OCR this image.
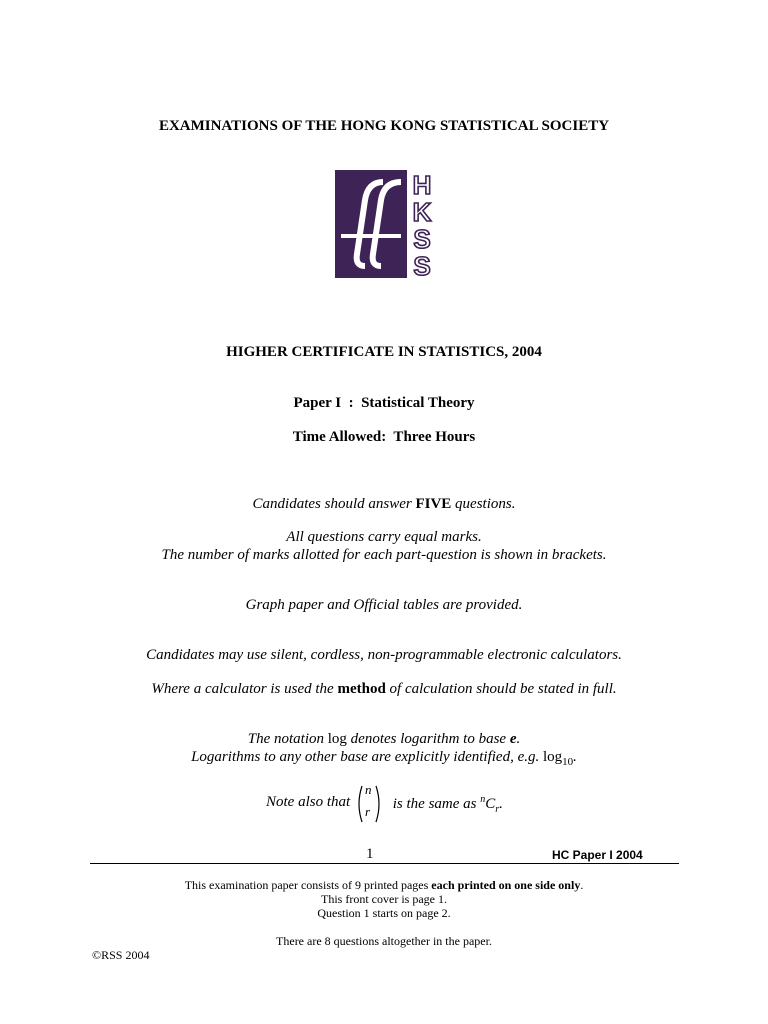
EXAMINATIONS OF THE HONG KONG STATISTICAL SOCIETY
H
K
S
S
HIGHER CERTIFICATE IN STATISTICS, 2004
Paper I  :  Statistical Theory
Time Allowed:  Three Hours
Candidates should answer FIVE questions.
All questions carry equal marks.
The number of marks allotted for each part-question is shown in brackets.
Graph paper and Official tables are provided.
Candidates may use silent, cordless, non-programmable electronic calculators.
Where a calculator is used the method of calculation should be stated in full.
The notation log denotes logarithm to base e.
Logarithms to any other base are explicitly identified, e.g. $\log_{10}$.
Note also that
n
r is the same as $^nC_r$.
1	HC Paper I 2004
This examination paper consists of 9 printed pages each printed on one side only.
This front cover is page 1.
Question 1 starts on page 2.
There are 8 questions altogether in the paper.
©RSS 2004
